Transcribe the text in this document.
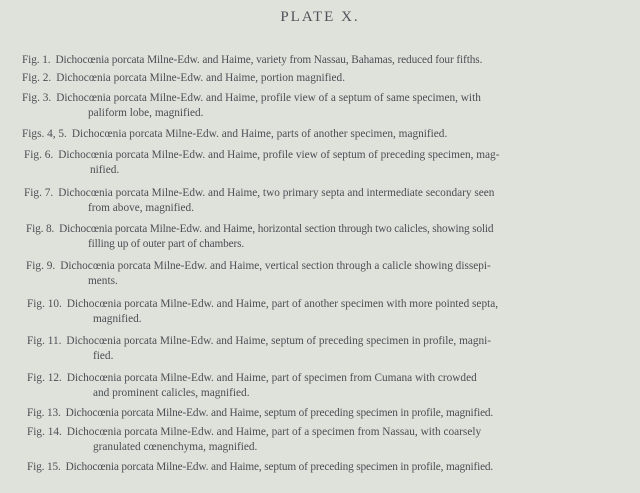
PLATE X.
Fig. 1. Dichocœnia porcata Milne-Edw. and Haime, variety from Nassau, Bahamas, reduced four fifths.
Fig. 2. Dichocœnia porcata Milne-Edw. and Haime, portion magnified.
Fig. 3. Dichocœnia porcata Milne-Edw. and Haime, profile view of a septum of same specimen, with
paliform lobe, magnified.
Figs. 4, 5. Dichocœnia porcata Milne-Edw. and Haime, parts of another specimen, magnified.
Fig. 6. Dichocœnia porcata Milne-Edw. and Haime, profile view of septum of preceding specimen, mag-
nified.
Fig. 7. Dichocœnia porcata Milne-Edw. and Haime, two primary septa and intermediate secondary seen
from above, magnified.
Fig. 8. Dichocœnia porcata Milne-Edw. and Haime, horizontal section through two calicles, showing solid
filling up of outer part of chambers.
Fig. 9. Dichocœnia porcata Milne-Edw. and Haime, vertical section through a calicle showing dissepi-
ments.
Fig. 10. Dichocœnia porcata Milne-Edw. and Haime, part of another specimen with more pointed septa,
magnified.
Fig. 11. Dichocœnia porcata Milne-Edw. and Haime, septum of preceding specimen in profile, magni-
fied.
Fig. 12. Dichocœnia porcata Milne-Edw. and Haime, part of specimen from Cumana with crowded
and prominent calicles, magnified.
Fig. 13. Dichocœnia porcata Milne-Edw. and Haime, septum of preceding specimen in profile, magnified.
Fig. 14. Dichocœnia porcata Milne-Edw. and Haime, part of a specimen from Nassau, with coarsely
granulated cœnenchyma, magnified.
Fig. 15. Dichocœnia porcata Milne-Edw. and Haime, septum of preceding specimen in profile, magnified.
